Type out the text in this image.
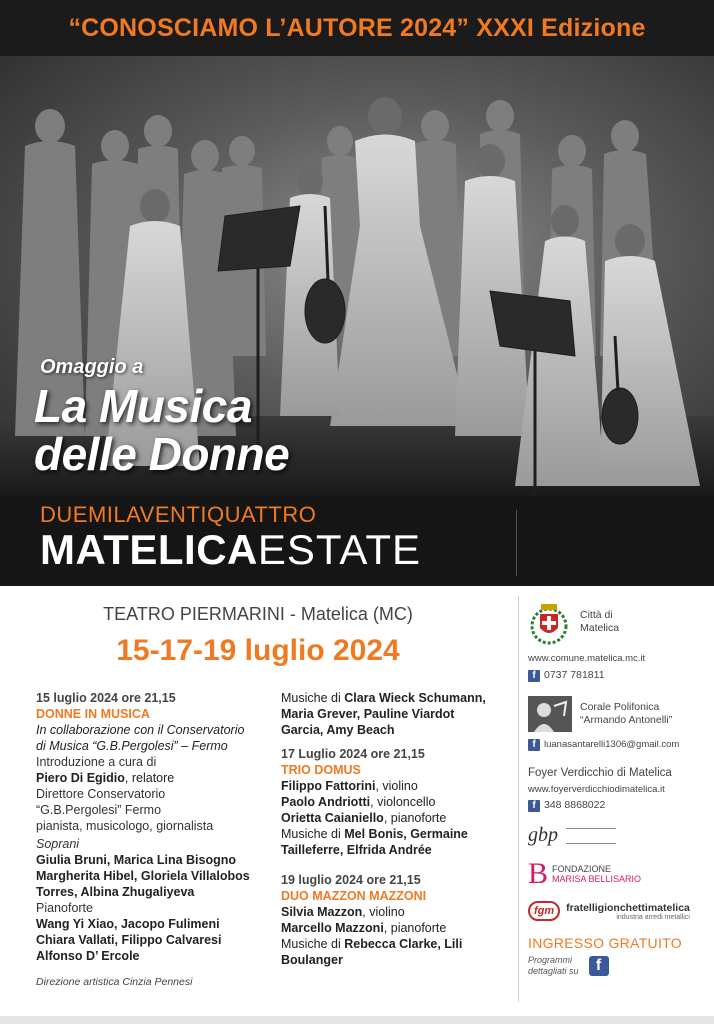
“CONOSCIAMO L’AUTORE 2024” XXXI Edizione
Omaggio a
La Musica
delle Donne
DUEMILAVENTIQUATTRO
MATELICAESTATE
TEATRO PIERMARINI - Matelica (MC)
15-17-19 luglio 2024
15 luglio 2024 ore 21,15
DONNE IN MUSICA
In collaborazione con il Conservatorio
di Musica “G.B.Pergolesi” – Fermo
Introduzione a cura di
Piero Di Egidio, relatore
Direttore Conservatorio
“G.B.Pergolesi” Fermo
pianista, musicologo, giornalista
Soprani
Giulia Bruni, Marica Lina Bisogno
Margherita Hibel, Gloriela Villalobos
Torres, Albina Zhugaliyeva
Pianoforte
Wang Yi Xiao, Jacopo Fulimeni
Chiara Vallati, Filippo Calvaresi
Alfonso D’ Ercole
Direzione artistica Cinzia Pennesi
Musiche di Clara Wieck Schumann,
Maria Grever, Pauline Viardot
Garcia, Amy Beach
17 Luglio 2024 ore 21,15
TRIO DOMUS
Filippo Fattorini, violino
Paolo Andriotti, violoncello
Orietta Caianiello, pianoforte
Musiche di Mel Bonis, Germaine
Tailleferre, Elfrida Andrée
19 luglio 2024 ore 21,15
DUO MAZZON MAZZONI
Silvia Mazzon, violino
Marcello Mazzoni, pianoforte
Musiche di Rebecca Clarke, Lili
Boulanger
Città di
Matelica
www.comune.matelica.mc.it
f 0737 781811
Corale Polifonica
“Armando Antonelli”
f luanasantarelli1306@gmail.com
Foyer Verdicchio di Matelica
www.foyerverdicchiodimatelica.it
f 348 8868022
gbp
B FONDAZIONE
MARISA BELLISARIO
fgm	fratelligionchettimatelica
industria arredi metallici
INGRESSO GRATUITO
Programmi
dettagliati su	f
